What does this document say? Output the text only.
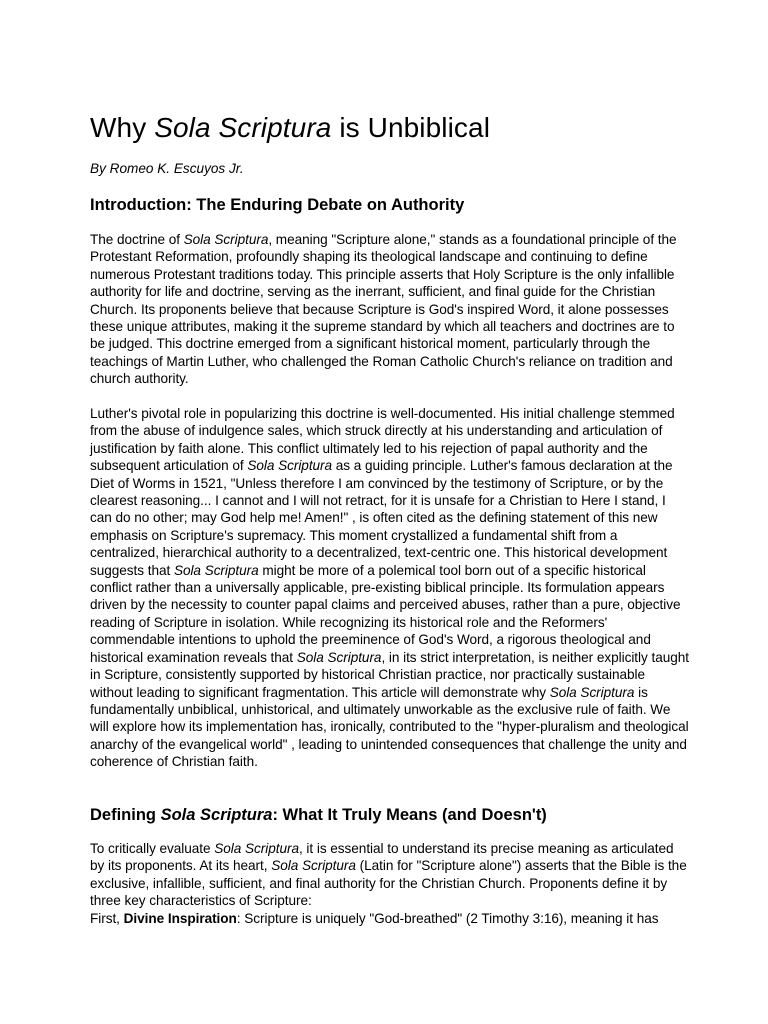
Why Sola Scriptura is Unbiblical

By Romeo K. Escuyos Jr.

Introduction: The Enduring Debate on Authority

The doctrine of Sola Scriptura, meaning "Scripture alone," stands as a foundational principle of the Protestant Reformation, profoundly shaping its theological landscape and continuing to define numerous Protestant traditions today. This principle asserts that Holy Scripture is the only infallible authority for life and doctrine, serving as the inerrant, sufficient, and final guide for the Christian Church. Its proponents believe that because Scripture is God's inspired Word, it alone possesses these unique attributes, making it the supreme standard by which all teachers and doctrines are to be judged. This doctrine emerged from a significant historical moment, particularly through the teachings of Martin Luther, who challenged the Roman Catholic Church's reliance on tradition and church authority.

Luther's pivotal role in popularizing this doctrine is well-documented. His initial challenge stemmed from the abuse of indulgence sales, which struck directly at his understanding and articulation of justification by faith alone. This conflict ultimately led to his rejection of papal authority and the subsequent articulation of Sola Scriptura as a guiding principle. Luther's famous declaration at the Diet of Worms in 1521, "Unless therefore I am convinced by the testimony of Scripture, or by the clearest reasoning... I cannot and I will not retract, for it is unsafe for a Christian to Here I stand, I can do no other; may God help me! Amen!" , is often cited as the defining statement of this new emphasis on Scripture's supremacy. This moment crystallized a fundamental shift from a centralized, hierarchical authority to a decentralized, text-centric one. This historical development suggests that Sola Scriptura might be more of a polemical tool born out of a specific historical conflict rather than a universally applicable, pre-existing biblical principle. Its formulation appears driven by the necessity to counter papal claims and perceived abuses, rather than a pure, objective reading of Scripture in isolation. While recognizing its historical role and the Reformers' commendable intentions to uphold the preeminence of God's Word, a rigorous theological and historical examination reveals that Sola Scriptura, in its strict interpretation, is neither explicitly taught in Scripture, consistently supported by historical Christian practice, nor practically sustainable without leading to significant fragmentation. This article will demonstrate why Sola Scriptura is fundamentally unbiblical, unhistorical, and ultimately unworkable as the exclusive rule of faith. We will explore how its implementation has, ironically, contributed to the "hyper-pluralism and theological anarchy of the evangelical world" , leading to unintended consequences that challenge the unity and coherence of Christian faith.

Defining Sola Scriptura: What It Truly Means (and Doesn't)

To critically evaluate Sola Scriptura, it is essential to understand its precise meaning as articulated by its proponents. At its heart, Sola Scriptura (Latin for "Scripture alone") asserts that the Bible is the exclusive, infallible, sufficient, and final authority for the Christian Church. Proponents define it by three key characteristics of Scripture:
First, Divine Inspiration: Scripture is uniquely "God-breathed" (2 Timothy 3:16), meaning it has
